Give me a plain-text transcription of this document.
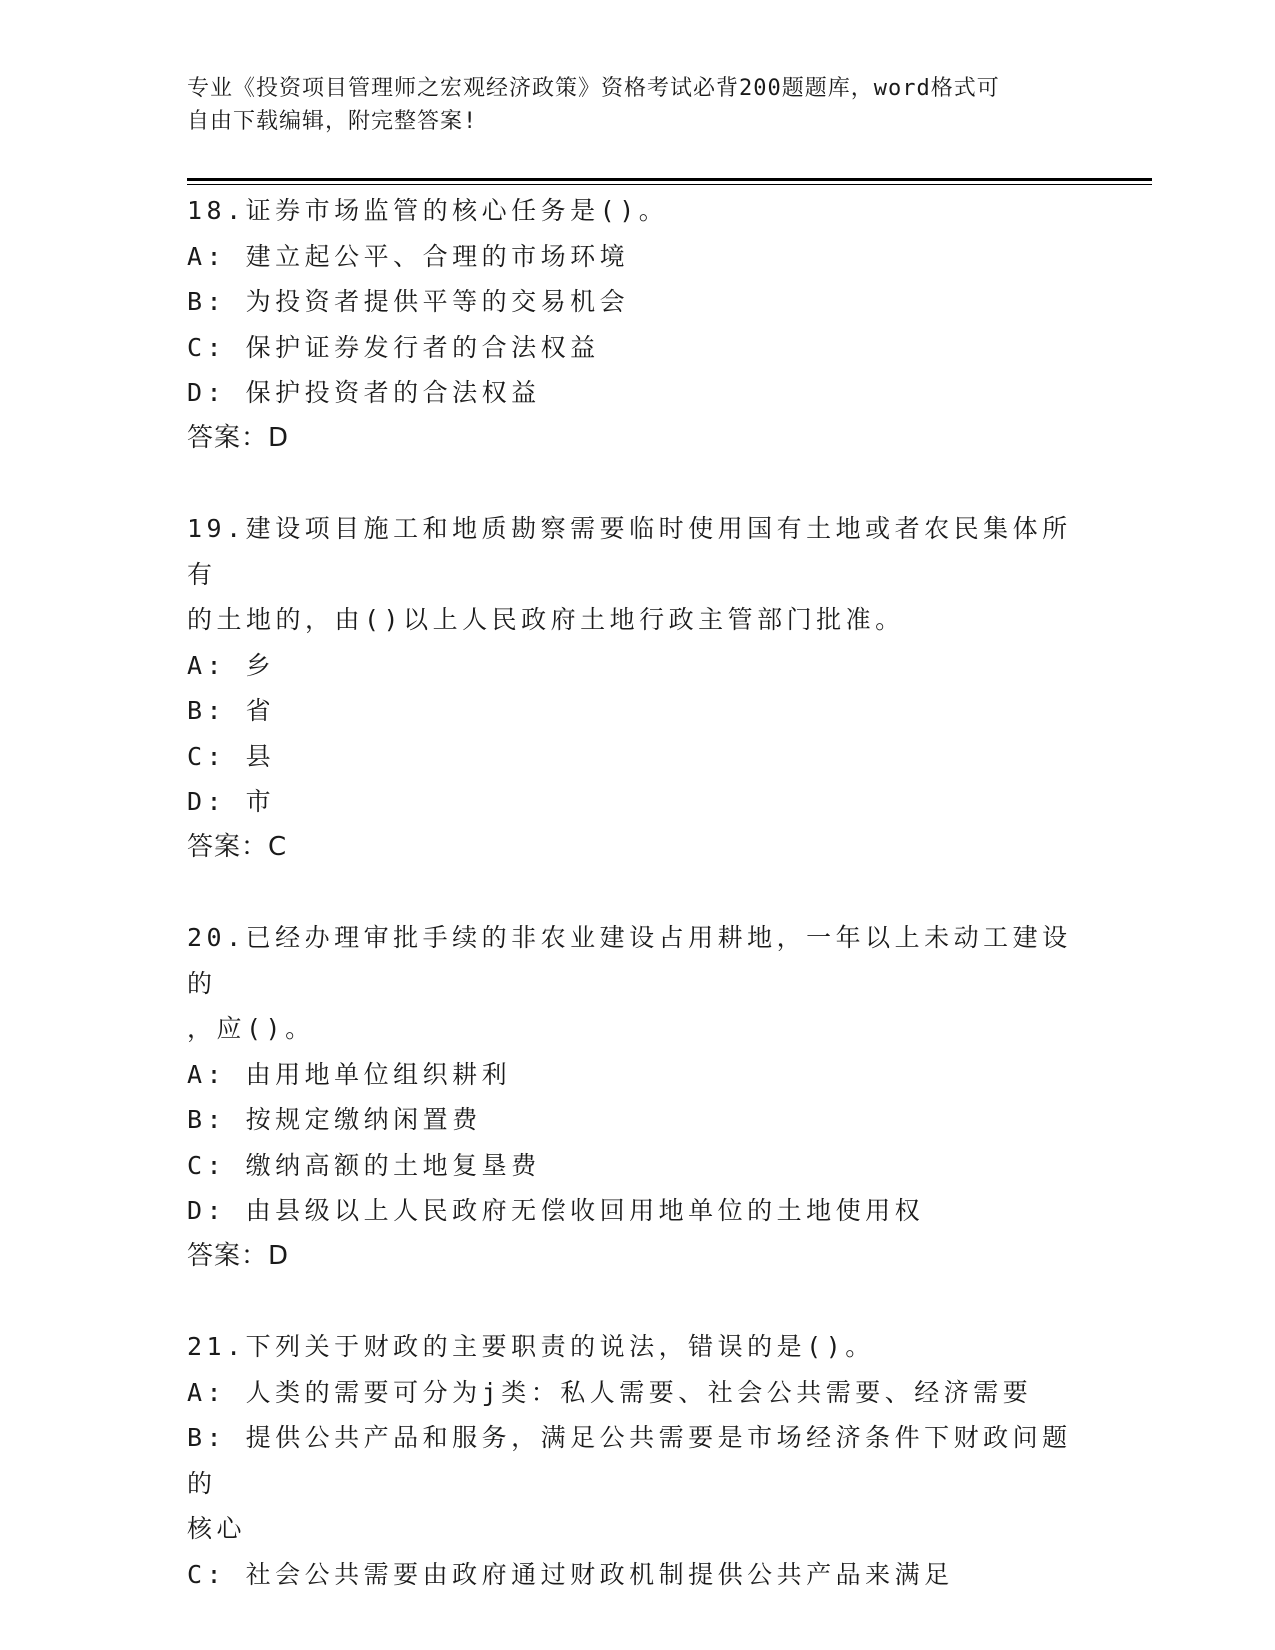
专业《投资项目管理师之宏观经济政策》资格考试必背200题题库，word格式可
自由下载编辑，附完整答案!

18.证券市场监管的核心任务是()。

A: 建立起公平、合理的市场环境

B: 为投资者提供平等的交易机会

C: 保护证券发行者的合法权益

D: 保护投资者的合法权益

答案：D

19.建设项目施工和地质勘察需要临时使用国有土地或者农民集体所有

的土地的，由()以上人民政府土地行政主管部门批准。

A: 乡

B: 省

C: 县

D: 市

答案：C

20.已经办理审批手续的非农业建设占用耕地，一年以上未动工建设的

，应()。

A: 由用地单位组织耕利

B: 按规定缴纳闲置费

C: 缴纳高额的土地复垦费

D: 由县级以上人民政府无偿收回用地单位的土地使用权

答案：D

21.下列关于财政的主要职责的说法，错误的是()。

A: 人类的需要可分为j类：私人需要、社会公共需要、经济需要

B: 提供公共产品和服务，满足公共需要是市场经济条件下财政问题的

核心

C: 社会公共需要由政府通过财政机制提供公共产品来满足
